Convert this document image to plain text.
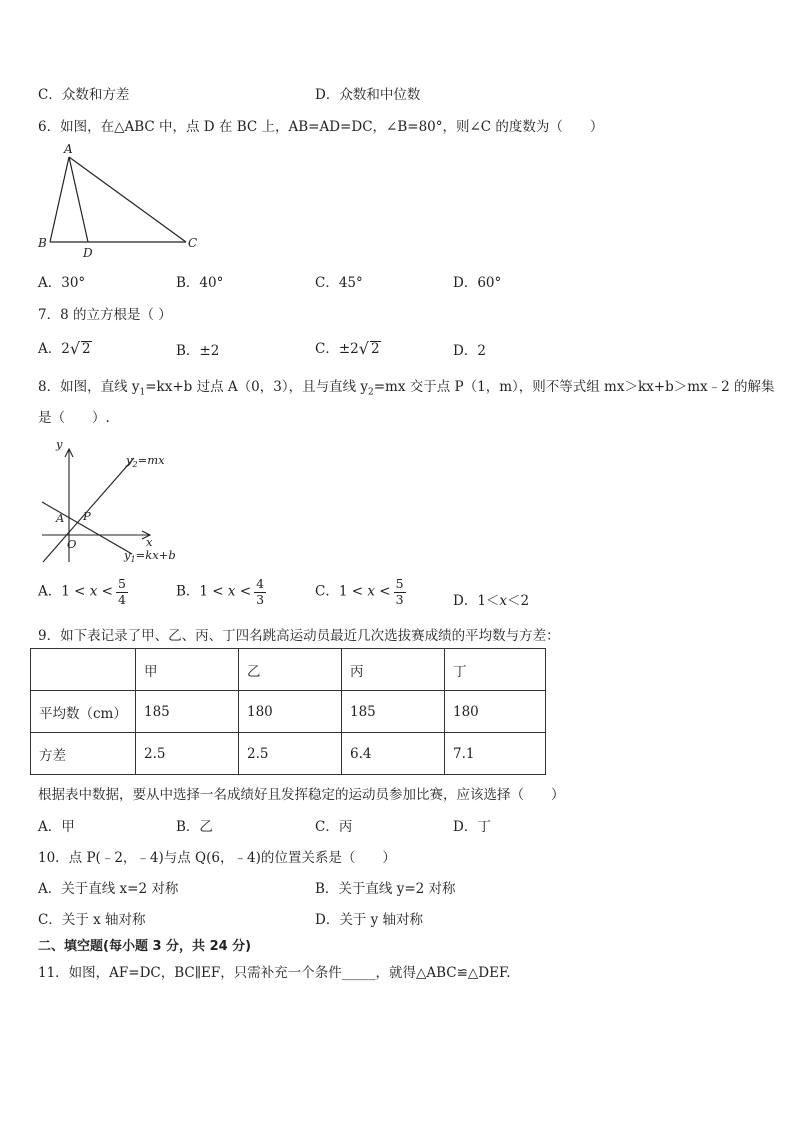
C．众数和方差	D．众数和中位数
6．如图，在△ABC 中，点 D 在 BC 上，AB=AD=DC，∠B=80°，则∠C 的度数为（　　）
A
B
D
C
A．30°	B．40°	C．45°	D．60°
7．8 的立方根是（ ）
A．2√ 2	B．±2	C．±2√ 2	D．2
8．如图，直线 $y_1=kx+b$ 过点 A（0，3），且与直线 $y_2=mx$ 交于点 P（1，m），则不等式组 mx＞kx+b＞mx﹣2 的解集
是（　　）.
y
x
O
A P
$y_2=mx$
$y_1=kx+b$
A．$1 < x < \frac{5}{4}$	B．$1 < x < \frac{4}{3}$	C．$1 < x < \frac{5}{3}$	D．1＜x＜2
9．如下表记录了甲、乙、丙、丁四名跳高运动员最近几次选拔赛成绩的平均数与方差：
	甲	乙	丙	丁
平均数（cm）	185	180	185	180
方差	2.5	2.5	6.4	7.1
根据表中数据，要从中选择一名成绩好且发挥稳定的运动员参加比赛，应该选择（　　）
A．甲	B．乙	C．丙	D．丁
10．点 P(﹣2，﹣4)与点 Q(6，﹣4)的位置关系是（　　）
A．关于直线 x=2 对称	B．关于直线 y=2 对称
C．关于 x 轴对称	D．关于 y 轴对称
二、填空题(每小题 3 分，共 24 分)
11．如图，AF=DC，BC∥EF，只需补充一个条件_____，就得△ABC≌△DEF.
